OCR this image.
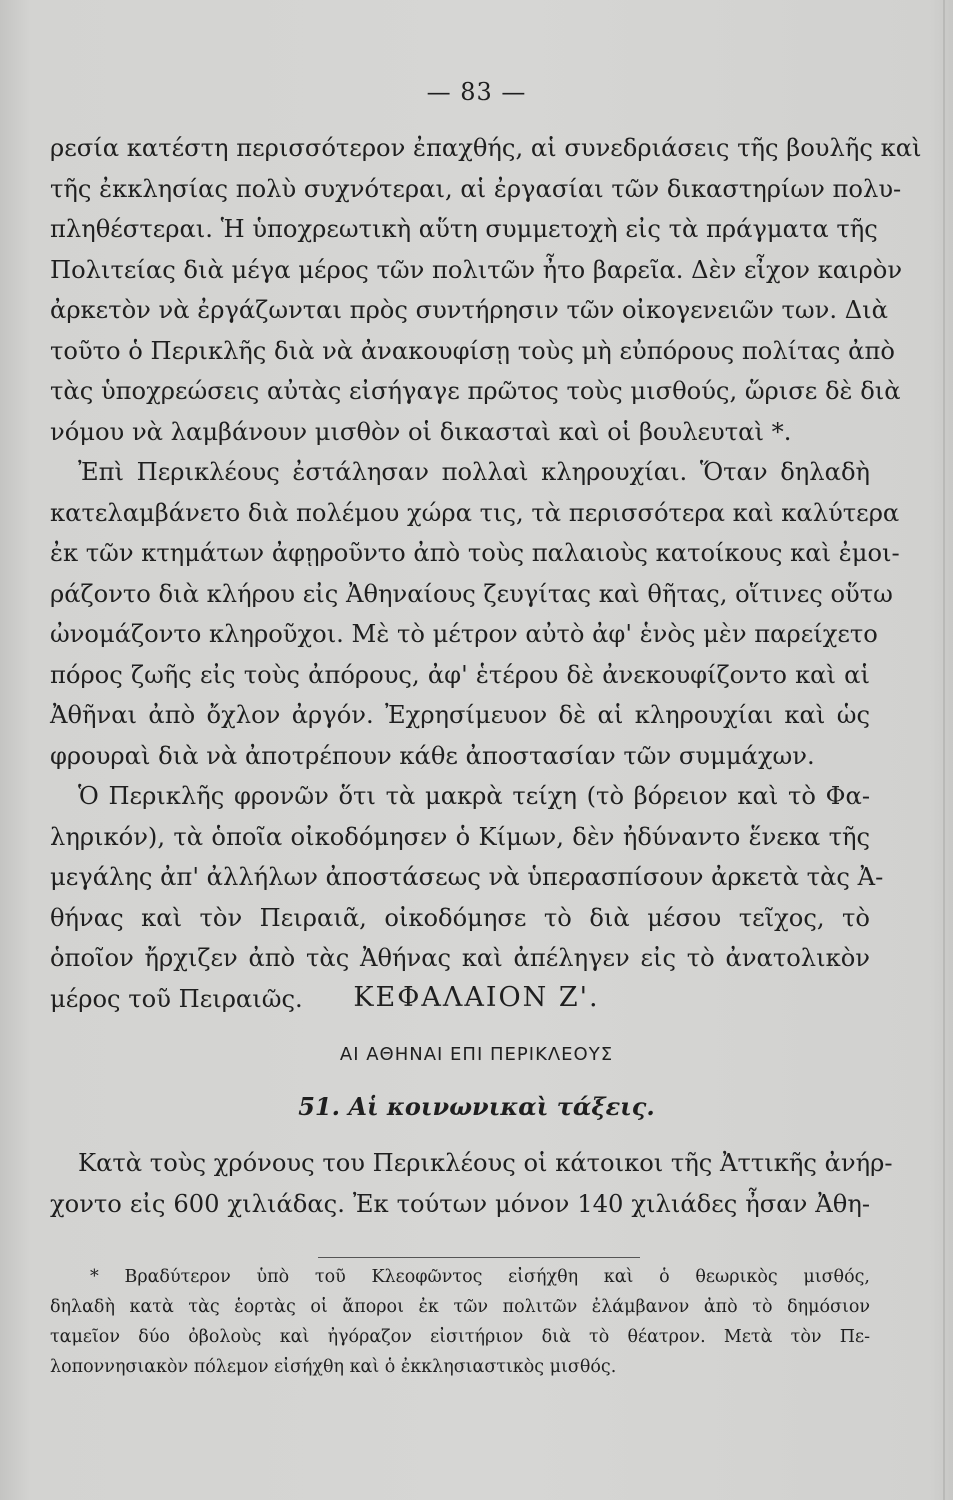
— 83 —
ρεσία κατέστη περισσότερον ἐπαχθής, αἱ συνεδριάσεις τῆς βουλῆς καὶ
τῆς ἐκκλησίας πολὺ συχνότεραι, αἱ ἐργασίαι τῶν δικαστηρίων πολυ-
πληθέστεραι. Ἡ ὑποχρεωτικὴ αὕτη συμμετοχὴ εἰς τὰ πράγματα τῆς
Πολιτείας διὰ μέγα μέρος τῶν πολιτῶν ἦτο βαρεῖα. Δὲν εἶχον καιρὸν
ἀρκετὸν νὰ ἐργάζωνται πρὸς συντήρησιν τῶν οἰκογενειῶν των. Διὰ
τοῦτο ὁ Περικλῆς διὰ νὰ ἀνακουφίσῃ τοὺς μὴ εὐπόρους πολίτας ἀπὸ
τὰς ὑποχρεώσεις αὐτὰς εἰσήγαγε πρῶτος τοὺς μισθούς, ὥρισε δὲ διὰ
νόμου νὰ λαμβάνουν μισθὸν οἱ δικασταὶ καὶ οἱ βουλευταὶ *.
Ἐπὶ Περικλέους ἐστάλησαν πολλαὶ κληρουχίαι. Ὅταν δηλαδὴ
κατελαμβάνετο διὰ πολέμου χώρα τις, τὰ περισσότερα καὶ καλύτερα
ἐκ τῶν κτημάτων ἀφῃροῦντο ἀπὸ τοὺς παλαιοὺς κατοίκους καὶ ἐμοι-
ράζοντο διὰ κλήρου εἰς Ἀθηναίους ζευγίτας καὶ θῆτας, οἵτινες οὕτω
ὠνομάζοντο κληροῦχοι. Μὲ τὸ μέτρον αὐτὸ ἀφ' ἑνὸς μὲν παρείχετο
πόρος ζωῆς εἰς τοὺς ἀπόρους, ἀφ' ἑτέρου δὲ ἀνεκουφίζοντο καὶ αἱ
Ἀθῆναι ἀπὸ ὄχλον ἀργόν. Ἐχρησίμευον δὲ αἱ κληρουχίαι καὶ ὡς
φρουραὶ διὰ νὰ ἀποτρέπουν κάθε ἀποστασίαν τῶν συμμάχων.
Ὁ Περικλῆς φρονῶν ὅτι τὰ μακρὰ τείχη (τὸ βόρειον καὶ τὸ Φα-
ληρικόν), τὰ ὁποῖα οἰκοδόμησεν ὁ Κίμων, δὲν ἠδύναντο ἕνεκα τῆς
μεγάλης ἀπ' ἀλλήλων ἀποστάσεως νὰ ὑπερασπίσουν ἀρκετὰ τὰς Ἀ-
θήνας καὶ τὸν Πειραιᾶ, οἰκοδόμησε τὸ διὰ μέσου τεῖχος, τὸ
ὁποῖον ἤρχιζεν ἀπὸ τὰς Ἀθήνας καὶ ἀπέληγεν εἰς τὸ ἀνατολικὸν
μέρος τοῦ Πειραιῶς.	ΚΕΦΑΛΑΙΟΝ Ζ'.
ΑΙ ΑΘΗΝΑΙ ΕΠΙ ΠΕΡΙΚΛΕΟΥΣ
51. Αἱ κοινωνικαὶ τάξεις.
Κατὰ τοὺς χρόνους του Περικλέους οἱ κάτοικοι τῆς Ἀττικῆς ἀνήρ-
χοντο εἰς 600 χιλιάδας. Ἐκ τούτων μόνον 140 χιλιάδες ἦσαν Ἀθη-
* Βραδύτερον ὑπὸ τοῦ Κλεοφῶντος εἰσήχθη καὶ ὁ θεωρικὸς μισθός,
δηλαδὴ κατὰ τὰς ἑορτὰς οἱ ἄποροι ἐκ τῶν πολιτῶν ἐλάμβανον ἀπὸ τὸ δημόσιον
ταμεῖον δύο ὀβολοὺς καὶ ἠγόραζον εἰσιτήριον διὰ τὸ θέατρον. Μετὰ τὸν Πε-
λοποννησιακὸν πόλεμον εἰσήχθη καὶ ὁ ἐκκλησιαστικὸς μισθός.
